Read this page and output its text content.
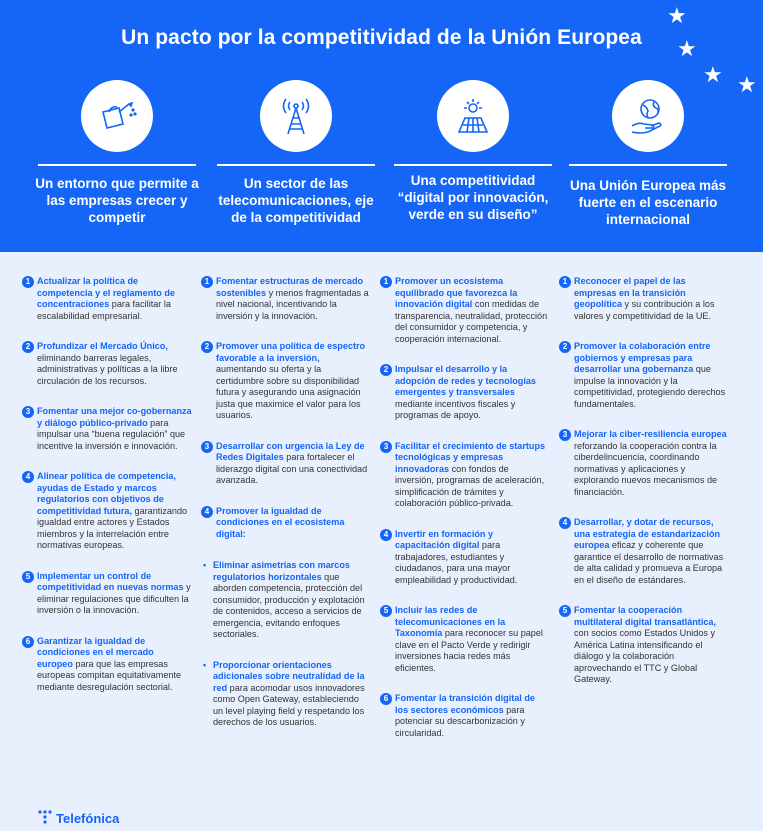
Un pacto por la competitividad de la Unión Europea
★
★
★ ★
Un entorno que permite a las empresas crecer y competir
Un sector de las telecomunicaciones, eje de la competitividad
Una competitividad “digital por innovación, verde en su diseño”
Una Unión Europea más fuerte en el escenario internacional
1 Actualizar la política de competencia y el reglamento de concentraciones para facilitar la escalabilidad empresarial.
2 Profundizar el Mercado Único, eliminando barreras legales, administrativas y políticas a la libre circulación de los recursos.
3 Fomentar una mejor co-gobernanza y diálogo público-privado para impulsar una “buena regulación” que incentive la inversión e innovación.
4 Alinear política de competencia, ayudas de Estado y marcos regulatorios con objetivos de competitividad futura, garantizando igualdad entre actores y Estados miembros y la interrelación entre normativas europeas.
5 Implementar un control de competitividad en nuevas normas y eliminar regulaciones que dificulten la inversión o la innovación.
6 Garantizar la igualdad de condiciones en el mercado europeo para que las empresas europeas compitan equitativamente mediante desregulación sectorial.
1 Fomentar estructuras de mercado sostenibles y menos fragmentadas a nivel nacional, incentivando la inversión y la innovación.
2 Promover una política de espectro favorable a la inversión, aumentando su oferta y la certidumbre sobre su disponibilidad futura y asegurando una asignación justa que maximice el valor para los usuarios.
3 Desarrollar con urgencia la Ley de Redes Digitales para fortalecer el liderazgo digital con una conectividad avanzada.
4 Promover la igualdad de condiciones en el ecosistema digital:
• Eliminar asimetrías con marcos regulatorios horizontales que aborden competencia, protección del consumidor, producción y explotación de contenidos, acceso a servicios de emergencia, evitando enfoques sectoriales.
• Proporcionar orientaciones adicionales sobre neutralidad de la red para acomodar usos innovadores como Open Gateway, estableciendo un level playing field y respetando los derechos de los usuarios.
1 Promover un ecosistema equilibrado que favorezca la innovación digital con medidas de transparencia, neutralidad, protección del consumidor y competencia, y cooperación internacional.
2 Impulsar el desarrollo y la adopción de redes y tecnologías emergentes y transversales mediante incentivos fiscales y programas de apoyo.
3 Facilitar el crecimiento de startups tecnológicas y empresas innovadoras con fondos de inversión, programas de aceleración, simplificación de trámites y colaboración público-privada.
4 Invertir en formación y capacitación digital para trabajadores, estudiantes y ciudadanos, para una mayor empleabilidad y productividad.
5 Incluir las redes de telecomunicaciones en la Taxonomía para reconocer su papel clave en el Pacto Verde y redirigir inversiones hacia redes más eficientes.
6 Fomentar la transición digital de los sectores económicos para potenciar su descarbonización y circularidad.
1 Reconocer el papel de las empresas en la transición geopolítica y su contribución a los valores y competitividad de la UE.
2 Promover la colaboración entre gobiernos y empresas para desarrollar una gobernanza que impulse la innovación y la competitividad, protegiendo derechos fundamentales.
3 Mejorar la ciber-resiliencia europea reforzando la cooperación contra la ciberdelincuencia, coordinando normativas y aplicaciones y explorando nuevos mecanismos de financiación.
4 Desarrollar, y dotar de recursos, una estrategia de estandarización europea eficaz y coherente que garantice el desarrollo de normativas de alta calidad y promueva a Europa en el diseño de estándares.
5 Fomentar la cooperación multilateral digital transatlántica, con socios como Estados Unidos y América Latina intensificando el diálogo y la colaboración aprovechando el TTC y Global Gateway.
Telefónica
